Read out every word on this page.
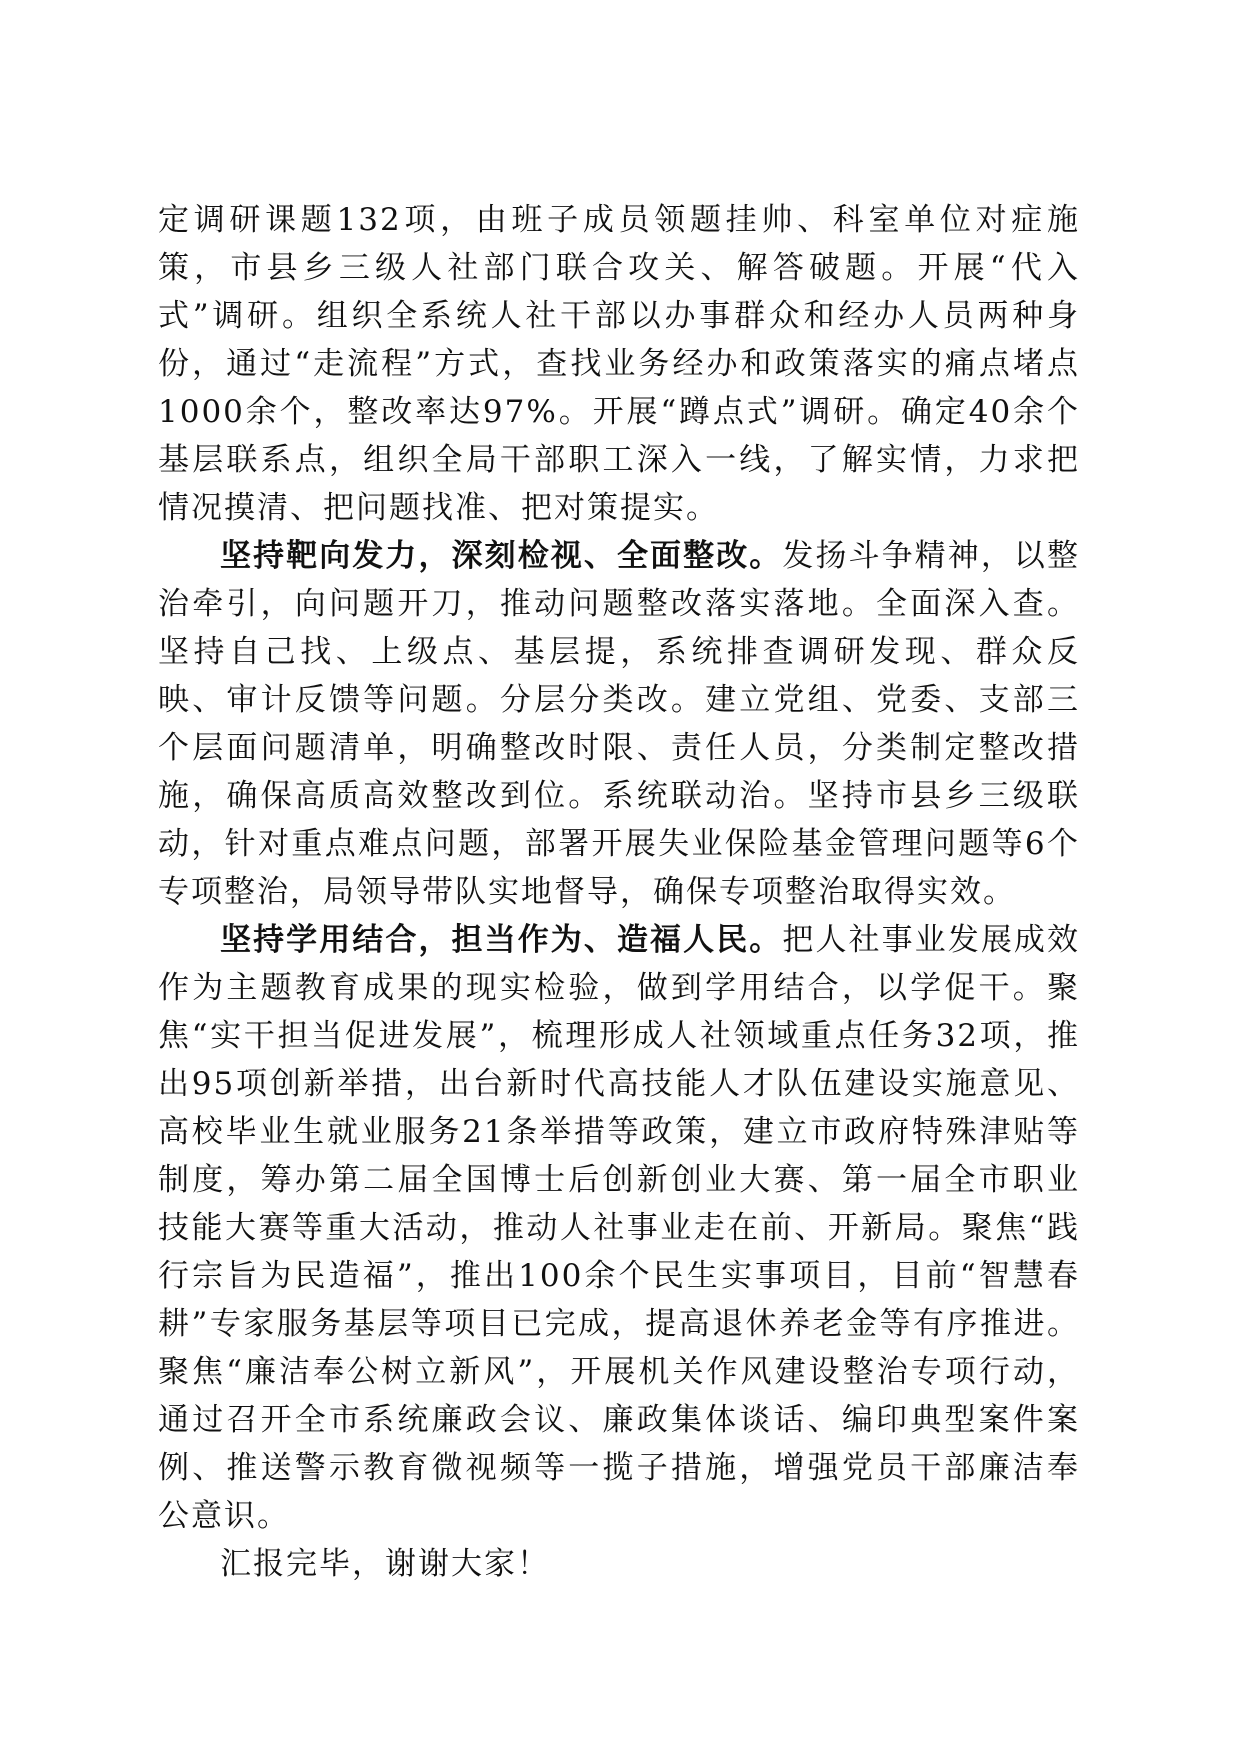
定调研课题132项，由班子成员领题挂帅、科室单位对症施策，市县乡三级人社部门联合攻关、解答破题。开展“代入式”调研。组织全系统人社干部以办事群众和经办人员两种身份，通过“走流程”方式，查找业务经办和政策落实的痛点堵点1000余个，整改率达97%。开展“蹲点式”调研。确定40余个基层联系点，组织全局干部职工深入一线，了解实情，力求把情况摸清、把问题找准、把对策提实。

坚持靶向发力，深刻检视、全面整改。发扬斗争精神，以整治牵引，向问题开刀，推动问题整改落实落地。全面深入查。坚持自己找、上级点、基层提，系统排查调研发现、群众反映、审计反馈等问题。分层分类改。建立党组、党委、支部三个层面问题清单，明确整改时限、责任人员，分类制定整改措施，确保高质高效整改到位。系统联动治。坚持市县乡三级联动，针对重点难点问题，部署开展失业保险基金管理问题等6个专项整治，局领导带队实地督导，确保专项整治取得实效。

坚持学用结合，担当作为、造福人民。把人社事业发展成效作为主题教育成果的现实检验，做到学用结合，以学促干。聚焦“实干担当促进发展”，梳理形成人社领域重点任务32项，推出95项创新举措，出台新时代高技能人才队伍建设实施意见、高校毕业生就业服务21条举措等政策，建立市政府特殊津贴等制度，筹办第二届全国博士后创新创业大赛、第一届全市职业技能大赛等重大活动，推动人社事业走在前、开新局。聚焦“践行宗旨为民造福”，推出100余个民生实事项目，目前“智慧春耕”专家服务基层等项目已完成，提高退休养老金等有序推进。聚焦“廉洁奉公树立新风”，开展机关作风建设整治专项行动，通过召开全市系统廉政会议、廉政集体谈话、编印典型案件案例、推送警示教育微视频等一揽子措施，增强党员干部廉洁奉公意识。

汇报完毕，谢谢大家！
